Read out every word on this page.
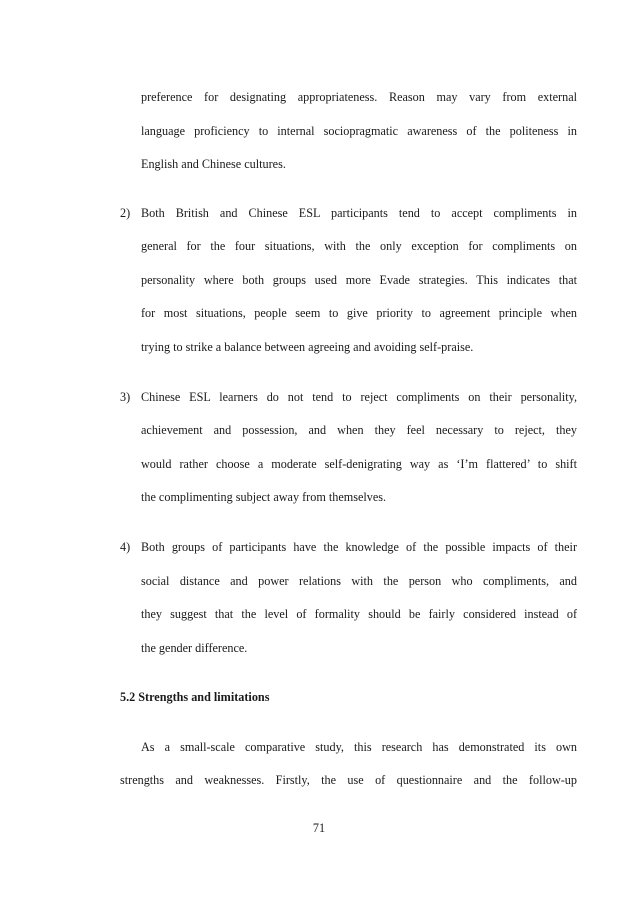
preference for designating appropriateness. Reason may vary from external
language proficiency to internal sociopragmatic awareness of the politeness in
English and Chinese cultures.
2) Both British and Chinese ESL participants tend to accept compliments in
general for the four situations, with the only exception for compliments on
personality where both groups used more Evade strategies. This indicates that
for most situations, people seem to give priority to agreement principle when
trying to strike a balance between agreeing and avoiding self-praise.
3) Chinese ESL learners do not tend to reject compliments on their personality,
achievement and possession, and when they feel necessary to reject, they
would rather choose a moderate self-denigrating way as ‘I’m flattered’ to shift
the complimenting subject away from themselves.
4) Both groups of participants have the knowledge of the possible impacts of their
social distance and power relations with the person who compliments, and
they suggest that the level of formality should be fairly considered instead of
the gender difference.
5.2 Strengths and limitations
As a small-scale comparative study, this research has demonstrated its own
strengths and weaknesses. Firstly, the use of questionnaire and the follow-up
71
